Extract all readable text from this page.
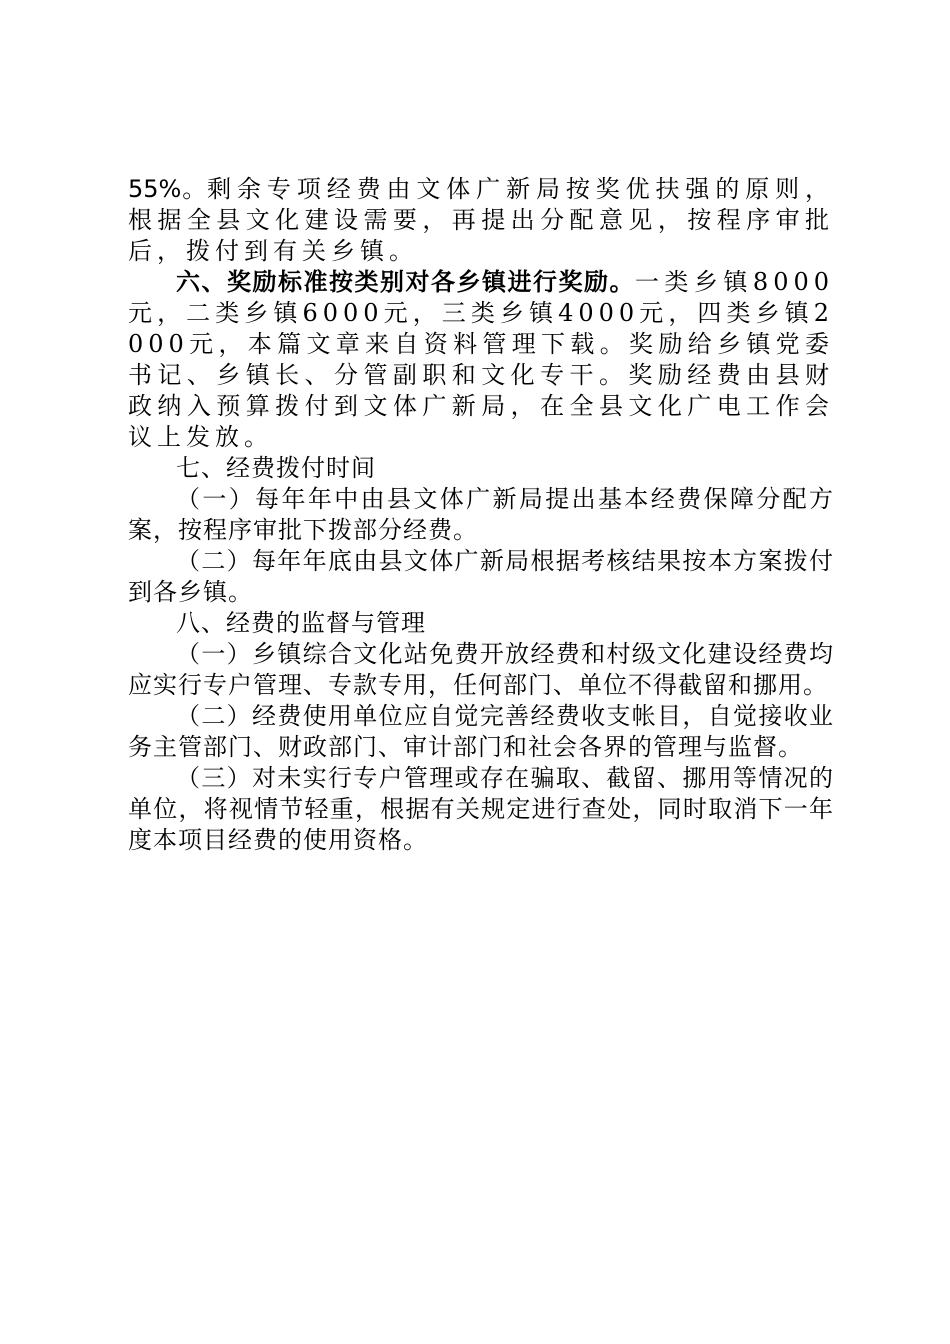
55%。剩余专项经费由文体广新局按奖优扶强的原则，根据全县文化建设需要，再提出分配意见，按程序审批后，拨付到有关乡镇。

六、奖励标准按类别对各乡镇进行奖励。一类乡镇8000元，二类乡镇6000元，三类乡镇4000元，四类乡镇2000元，本篇文章来自资料管理下载。奖励给乡镇党委书记、乡镇长、分管副职和文化专干。奖励经费由县财政纳入预算拨付到文体广新局，在全县文化广电工作会议上发放。

七、经费拨付时间

（一）每年年中由县文体广新局提出基本经费保障分配方案，按程序审批下拨部分经费。

（二）每年年底由县文体广新局根据考核结果按本方案拨付到各乡镇。

八、经费的监督与管理

（一）乡镇综合文化站免费开放经费和村级文化建设经费均应实行专户管理、专款专用，任何部门、单位不得截留和挪用。

（二）经费使用单位应自觉完善经费收支帐目，自觉接收业务主管部门、财政部门、审计部门和社会各界的管理与监督。

（三）对未实行专户管理或存在骗取、截留、挪用等情况的单位，将视情节轻重，根据有关规定进行查处，同时取消下一年度本项目经费的使用资格。
